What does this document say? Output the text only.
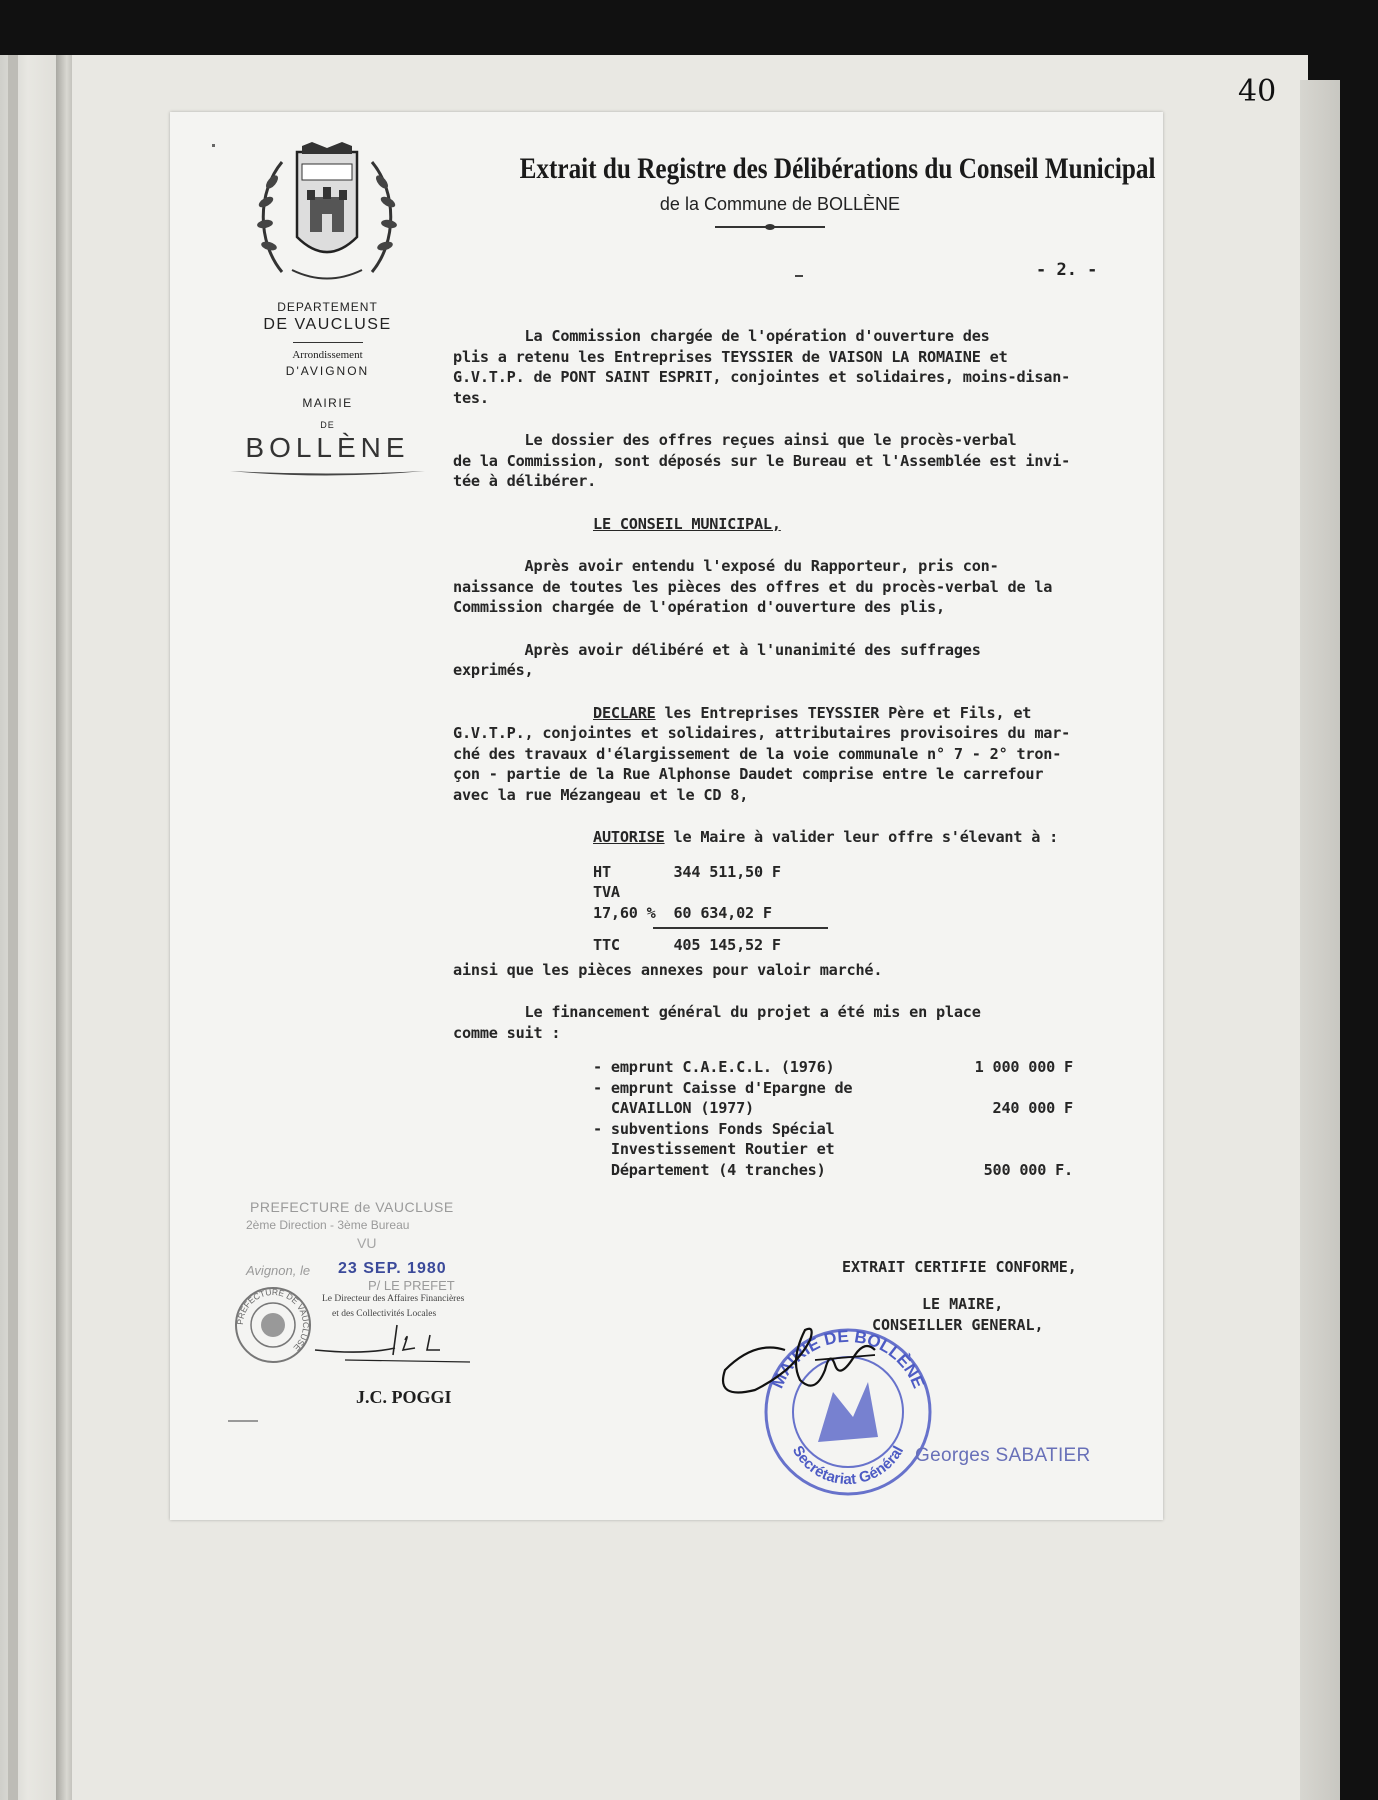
40
DEPARTEMENT
DE VAUCLUSE
Arrondissement
D'AVIGNON
MAIRIE
DE
BOLLÈNE
Extrait du Registre des Délibérations du Conseil Municipal
de la Commune de BOLLÈNE
- 2. -
La Commission chargée de l'opération d'ouverture des
plis a retenu les Entreprises TEYSSIER de VAISON LA ROMAINE et
G.V.T.P. de PONT SAINT ESPRIT, conjointes et solidaires, moins-disan-
tes.
Le dossier des offres reçues ainsi que le procès-verbal
de la Commission, sont déposés sur le Bureau et l'Assemblée est invi-
tée à délibérer.
LE CONSEIL MUNICIPAL,
Après avoir entendu l'exposé du Rapporteur, pris con-
naissance de toutes les pièces des offres et du procès-verbal de la
Commission chargée de l'opération d'ouverture des plis,
Après avoir délibéré et à l'unanimité des suffrages
exprimés,
DECLARE les Entreprises TEYSSIER Père et Fils, et
G.V.T.P., conjointes et solidaires, attributaires provisoires du mar-
ché des travaux d'élargissement de la voie communale n° 7 - 2° tron-
çon - partie de la Rue Alphonse Daudet comprise entre le carrefour
avec la rue Mézangeau et le CD 8,
AUTORISE le Maire à valider leur offre s'élevant à :
HT       344 511,50 F
TVA
17,60 %  60 634,02 F
TTC      405 145,52 F
ainsi que les pièces annexes pour valoir marché.
Le financement général du projet a été mis en place
comme suit :
- emprunt C.A.E.C.L. (1976)	1 000 000 F
- emprunt Caisse d'Epargne de
CAVAILLON (1977)	240 000 F
- subventions Fonds Spécial
Investissement Routier et
Département (4 tranches)	500 000 F.
EXTRAIT CERTIFIE CONFORME,
LE MAIRE,
CONSEILLER GENERAL,
MAIRIE DE BOLLÈNE
Secrétariat Général Georges SABATIER
PREFECTURE de VAUCLUSE
2ème Direction - 3ème Bureau
VU
Avignon, le 23 SEP. 1980
P/ LE PREFET
Le Directeur des Affaires Financières
et des Collectivités Locales
PREFECTURE DE VAUCLUSE
J.C. POGGI
